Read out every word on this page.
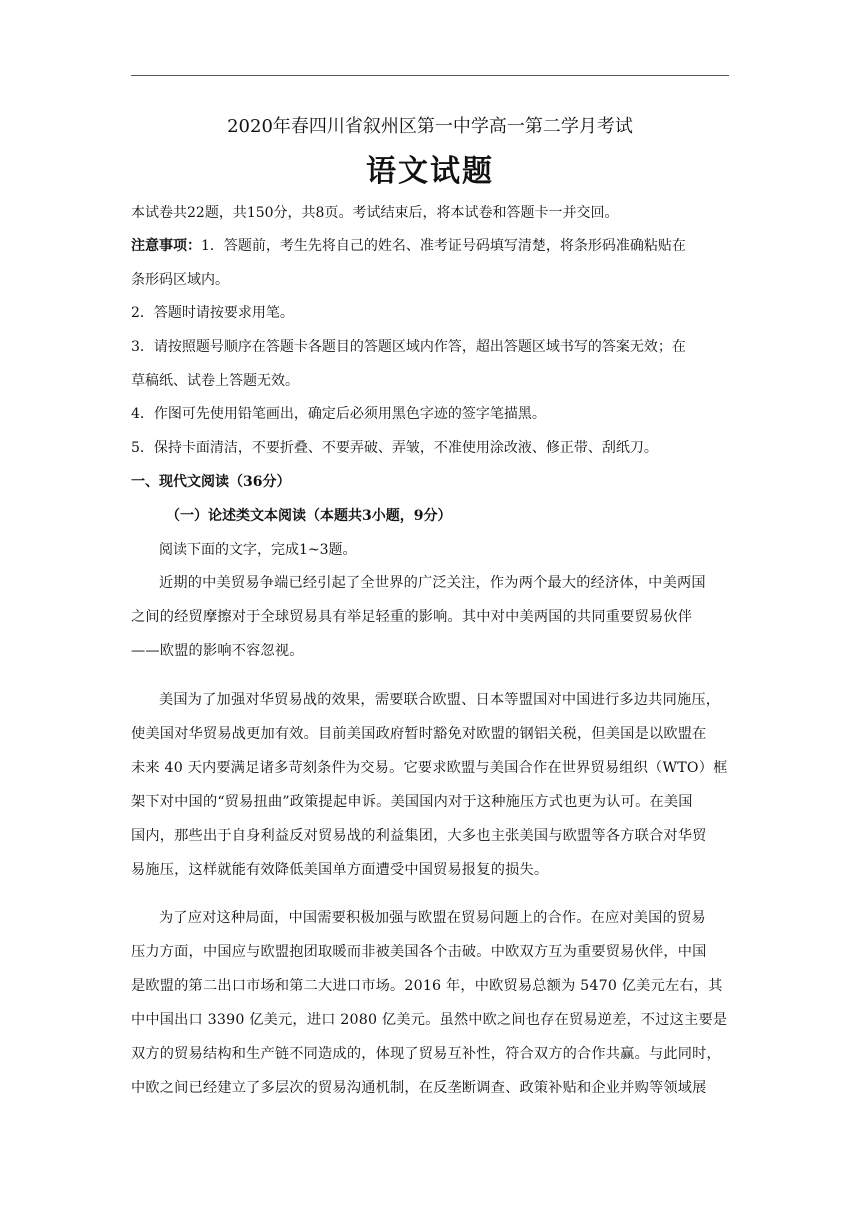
2020年春四川省叙州区第一中学高一第二学月考试
语文试题
本试卷共22题，共150分，共8页。考试结束后，将本试卷和答题卡一并交回。
注意事项：1．答题前，考生先将自己的姓名、准考证号码填写清楚，将条形码准确粘贴在
条形码区域内。
2．答题时请按要求用笔。
3．请按照题号顺序在答题卡各题目的答题区域内作答，超出答题区域书写的答案无效；在
草稿纸、试卷上答题无效。
4．作图可先使用铅笔画出，确定后必须用黑色字迹的签字笔描黑。
5．保持卡面清洁，不要折叠、不要弄破、弄皱，不准使用涂改液、修正带、刮纸刀。
一、现代文阅读（36分）
（一）论述类文本阅读（本题共3小题，9分）
阅读下面的文字，完成1~3题。
近期的中美贸易争端已经引起了全世界的广泛关注，作为两个最大的经济体，中美两国
之间的经贸摩擦对于全球贸易具有举足轻重的影响。其中对中美两国的共同重要贸易伙伴
——欧盟的影响不容忽视。
美国为了加强对华贸易战的效果，需要联合欧盟、日本等盟国对中国进行多边共同施压，
使美国对华贸易战更加有效。目前美国政府暂时豁免对欧盟的钢铝关税，但美国是以欧盟在
未来 40 天内要满足诸多苛刻条件为交易。它要求欧盟与美国合作在世界贸易组织（WTO）框
架下对中国的“贸易扭曲”政策提起申诉。美国国内对于这种施压方式也更为认可。在美国
国内，那些出于自身利益反对贸易战的利益集团，大多也主张美国与欧盟等各方联合对华贸
易施压，这样就能有效降低美国单方面遭受中国贸易报复的损失。
为了应对这种局面，中国需要积极加强与欧盟在贸易问题上的合作。在应对美国的贸易
压力方面，中国应与欧盟抱团取暖而非被美国各个击破。中欧双方互为重要贸易伙伴，中国
是欧盟的第二出口市场和第二大进口市场。2016 年，中欧贸易总额为 5470 亿美元左右，其
中中国出口 3390 亿美元，进口 2080 亿美元。虽然中欧之间也存在贸易逆差，不过这主要是
双方的贸易结构和生产链不同造成的，体现了贸易互补性，符合双方的合作共赢。与此同时，
中欧之间已经建立了多层次的贸易沟通机制，在反垄断调查、政策补贴和企业并购等领域展
